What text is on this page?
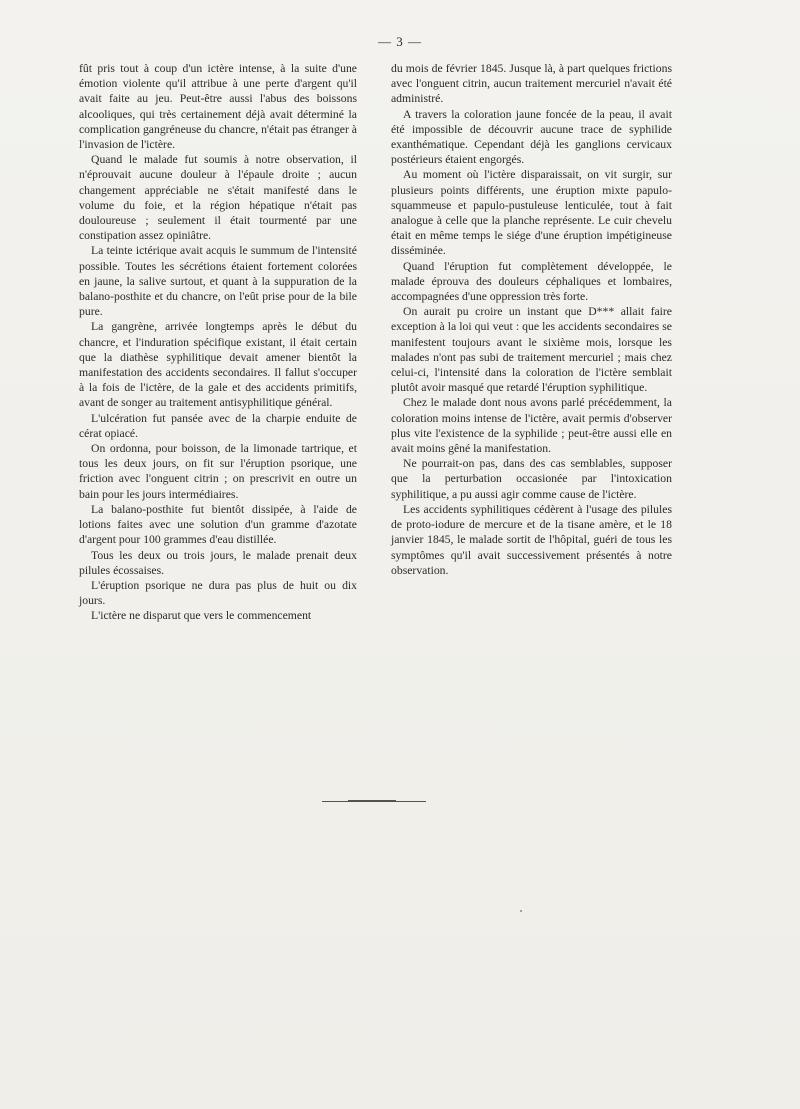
— 3 —

fût pris tout à coup d'un ictère intense, à la suite d'une émotion violente qu'il attribue à une perte d'argent qu'il avait faite au jeu. Peut-être aussi l'abus des boissons alcooliques, qui très certainement déjà avait déterminé la complication gangréneuse du chancre, n'était pas étranger à l'invasion de l'ictère.

Quand le malade fut soumis à notre observation, il n'éprouvait aucune douleur à l'épaule droite ; aucun changement appréciable ne s'était manifesté dans le volume du foie, et la région hépatique n'était pas douloureuse ; seulement il était tourmenté par une constipation assez opiniâtre.

La teinte ictérique avait acquis le summum de l'intensité possible. Toutes les sécrétions étaient fortement colorées en jaune, la salive surtout, et quant à la suppuration de la balano-posthite et du chancre, on l'eût prise pour de la bile pure.

La gangrène, arrivée longtemps après le début du chancre, et l'induration spécifique existant, il était certain que la diathèse syphilitique devait amener bientôt la manifestation des accidents secondaires. Il fallut s'occuper à la fois de l'ictère, de la gale et des accidents primitifs, avant de songer au traitement antisyphilitique général.

L'ulcération fut pansée avec de la charpie enduite de cérat opiacé.

On ordonna, pour boisson, de la limonade tartrique, et tous les deux jours, on fit sur l'éruption psorique, une friction avec l'onguent citrin ; on prescrivit en outre un bain pour les jours intermédiaires.

La balano-posthite fut bientôt dissipée, à l'aide de lotions faites avec une solution d'un gramme d'azotate d'argent pour 100 grammes d'eau distillée.

Tous les deux ou trois jours, le malade prenait deux pilules écossaises.

L'éruption psorique ne dura pas plus de huit ou dix jours.

L'ictère ne disparut que vers le commencement

du mois de février 1845. Jusque là, à part quelques frictions avec l'onguent citrin, aucun traitement mercuriel n'avait été administré.

A travers la coloration jaune foncée de la peau, il avait été impossible de découvrir aucune trace de syphilide exanthématique. Cependant déjà les ganglions cervicaux postérieurs étaient engorgés.

Au moment où l'ictère disparaissait, on vit surgir, sur plusieurs points différents, une éruption mixte papulo-squammeuse et papulo-pustuleuse lenticulée, tout à fait analogue à celle que la planche représente. Le cuir chevelu était en même temps le siége d'une éruption impétigineuse disséminée.

Quand l'éruption fut complètement développée, le malade éprouva des douleurs céphaliques et lombaires, accompagnées d'une oppression très forte.

On aurait pu croire un instant que D*** allait faire exception à la loi qui veut : que les accidents secondaires se manifestent toujours avant le sixième mois, lorsque les malades n'ont pas subi de traitement mercuriel ; mais chez celui-ci, l'intensité dans la coloration de l'ictère semblait plutôt avoir masqué que retardé l'éruption syphilitique.

Chez le malade dont nous avons parlé précédemment, la coloration moins intense de l'ictère, avait permis d'observer plus vite l'existence de la syphilide ; peut-être aussi elle en avait moins gêné la manifestation.

Ne pourrait-on pas, dans des cas semblables, supposer que la perturbation occasionée par l'intoxication syphilitique, a pu aussi agir comme cause de l'ictère.

Les accidents syphilitiques cédèrent à l'usage des pilules de proto-iodure de mercure et de la tisane amère, et le 18 janvier 1845, le malade sortit de l'hôpital, guéri de tous les symptômes qu'il avait successivement présentés à notre observation.
